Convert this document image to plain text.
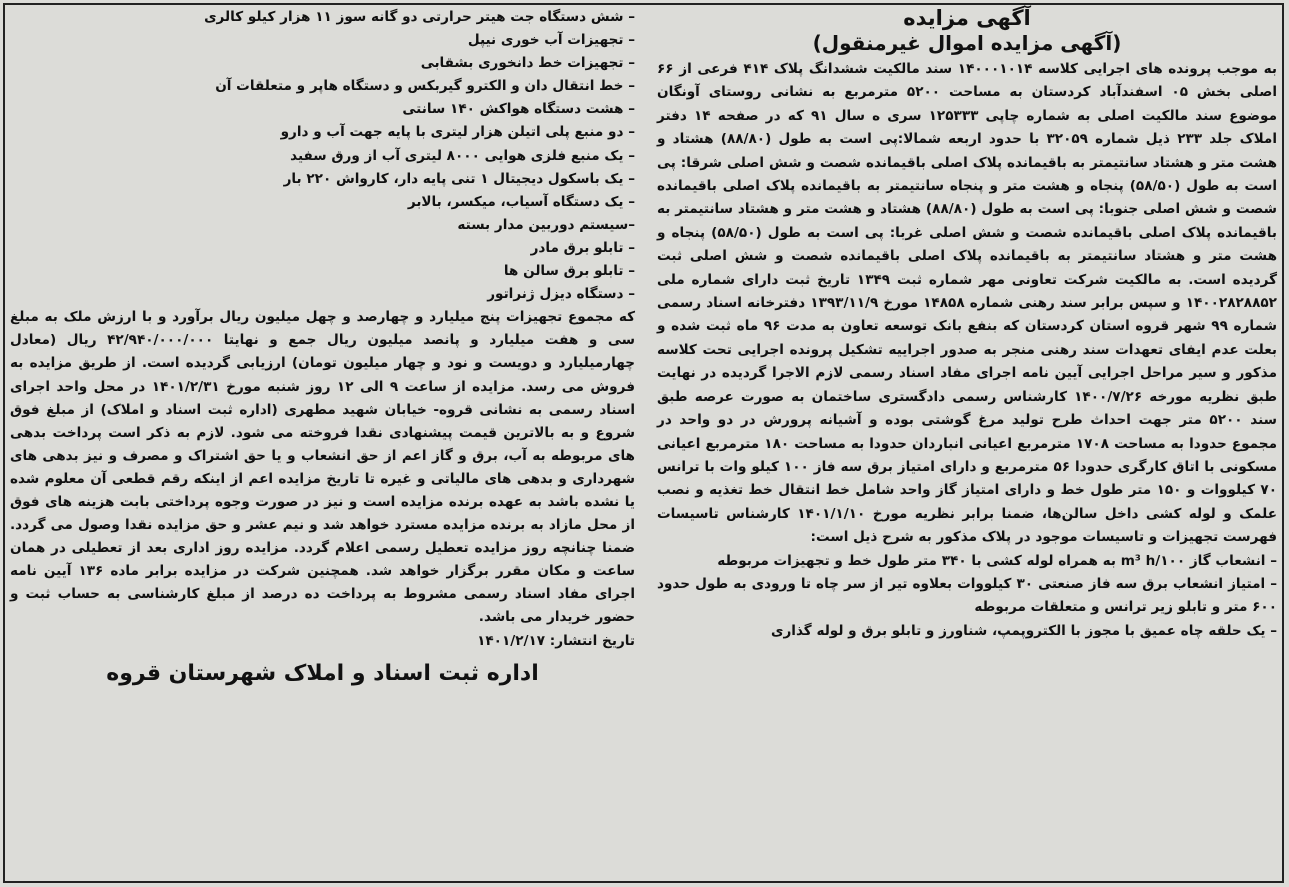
آگهی مزایده
(آگهی مزایده اموال غیرمنقول)

به موجب پرونده های اجرایی کلاسه ۱۴۰۰۰۱۰۱۴ سند مالکیت ششدانگ پلاک ۴۱۴ فرعی از ۶۶ اصلی بخش ۰۵ اسفندآباد کردستان به مساحت ۵۲۰۰ مترمربع به نشانی روستای آونگان موضوع سند مالکیت اصلی به شماره چاپی ۱۲۵۳۳۳ سری ه سال ۹۱ که در صفحه ۱۴ دفتر املاک جلد ۲۳۳ ذیل شماره ۳۲۰۵۹ با حدود اربعه شمالا:پی است به طول (۸۸/۸۰) هشتاد و هشت متر و هشتاد سانتیمتر به باقیمانده پلاک اصلی باقیمانده شصت و شش اصلی شرقا: پی است به طول (۵۸/۵۰) پنجاه و هشت متر و پنجاه سانتیمتر به باقیمانده پلاک اصلی باقیمانده شصت و شش اصلی جنوبا: پی است به طول (۸۸/۸۰) هشتاد و هشت متر و هشتاد سانتیمتر به باقیمانده پلاک اصلی باقیمانده شصت و شش اصلی غربا: پی است به طول (۵۸/۵۰) پنجاه و هشت متر و هشتاد سانتیمتر به باقیمانده پلاک اصلی باقیمانده شصت و شش اصلی ثبت گردیده است. به مالکیت شرکت تعاونی مهر شماره ثبت ۱۳۴۹ تاریخ ثبت دارای شماره ملی ۱۴۰۰۲۸۲۸۸۵۲ و سپس برابر سند رهنی شماره ۱۴۸۵۸ مورخ ۱۳۹۳/۱۱/۹ دفترخانه اسناد رسمی شماره ۹۹ شهر قروه استان کردستان که بنفع بانک توسعه تعاون به مدت ۹۶ ماه ثبت شده و بعلت عدم ایفای تعهدات سند رهنی منجر به صدور اجراییه تشکیل پرونده اجرایی تحت کلاسه مذکور و سیر مراحل اجرایی آیین نامه اجرای مفاد اسناد رسمی لازم الاجرا گردیده در نهایت طبق نظریه مورخه ۱۴۰۰/۷/۲۶ کارشناس رسمی دادگستری ساختمان به صورت عرصه طبق سند ۵۲۰۰ متر جهت احداث طرح تولید مرغ گوشتی بوده و آشیانه پرورش در دو واحد در مجموع حدودا به مساحت ۱۷۰۸ مترمربع اعیانی انباردان حدودا به مساحت ۱۸۰ مترمربع اعیانی مسکونی با اتاق کارگری حدودا ۵۶ مترمربع و دارای امتیاز برق سه فاز ۱۰۰ کیلو وات با ترانس ۷۰ کیلووات و ۱۵۰ متر طول خط و دارای امتیاز گاز واحد شامل خط انتقال خط تغذیه و نصب علمک و لوله کشی داخل سالن‌ها، ضمنا برابر نظریه مورخ ۱۴۰۱/۱/۱۰ کارشناس تاسیسات فهرست تجهیزات و تاسیسات موجود در پلاک مذکور به شرح ذیل است:

– انشعاب گاز m³ h/۱۰۰ به همراه لوله کشی با ۳۴۰ متر طول خط و تجهیزات مربوطه
– امتیاز انشعاب برق سه فاز صنعتی ۳۰ کیلووات بعلاوه تیر از سر چاه تا ورودی به طول حدود ۶۰۰ متر و تابلو زیر ترانس و متعلقات مربوطه
– یک حلقه چاه عمیق با مجوز با الکتروپمپ، شناورز و تابلو برق و لوله گذاری
– شش دستگاه جت هیتر حرارتی دو گانه سوز ۱۱ هزار کیلو کالری
– تجهیزات آب خوری نیپل
– تجهیزات خط دانخوری بشقابی
– خط انتقال دان و الکترو گیربکس و دستگاه هاپر و متعلقات آن
– هشت دستگاه هواکش ۱۴۰ سانتی
– دو منبع پلی اتیلن هزار لیتری با پایه جهت آب و دارو
– یک منبع فلزی هوایی ۸۰۰۰ لیتری آب از ورق سفید
– یک باسکول دیجیتال ۱ تنی پایه دار، کارواش ۲۲۰ بار
– یک دستگاه آسیاب، میکسر، بالابر
–سیستم دوربین مدار بسته
– تابلو برق مادر
– تابلو برق سالن ها
– دستگاه دیزل ژنراتور

که مجموع تجهیزات پنج میلیارد و چهارصد و چهل میلیون ریال برآورد و با ارزش ملک به مبلغ سی و هفت میلیارد و پانصد میلیون ریال جمع و نهایتا ۴۲/۹۴۰/۰۰۰/۰۰۰ ریال (معادل چهارمیلیارد و دویست و نود و چهار میلیون تومان) ارزیابی گردیده است. از طریق مزایده به فروش می رسد. مزایده از ساعت ۹ الی ۱۲ روز شنبه مورخ ۱۴۰۱/۲/۳۱ در محل واحد اجرای اسناد رسمی به نشانی قروه- خیابان شهید مطهری (اداره ثبت اسناد و املاک) از مبلغ فوق شروع و به بالاترین قیمت پیشنهادی نقدا فروخته می شود. لازم به ذکر است پرداخت بدهی های مربوطه به آب، برق و گاز اعم از حق انشعاب و یا حق اشتراک و مصرف و نیز بدهی های شهرداری و بدهی های مالیاتی و غیره تا تاریخ مزایده اعم از اینکه رقم قطعی آن معلوم شده یا نشده باشد به عهده برنده مزایده است و نیز در صورت وجوه پرداختی بابت هزینه های فوق از محل مازاد به برنده مزایده مسترد خواهد شد و نیم عشر و حق مزایده نقدا وصول می گردد. ضمنا چنانچه روز مزایده تعطیل رسمی اعلام گردد. مزایده روز اداری بعد از تعطیلی در همان ساعت و مکان مقرر برگزار خواهد شد. همچنین شرکت در مزایده برابر ماده ۱۳۶ آیین نامه اجرای مفاد اسناد رسمی مشروط به پرداخت ده درصد از مبلغ کارشناسی به حساب ثبت و حضور خریدار می باشد.

تاریخ انتشار: ۱۴۰۱/۲/۱۷

اداره ثبت اسناد و املاک شهرستان قروه
